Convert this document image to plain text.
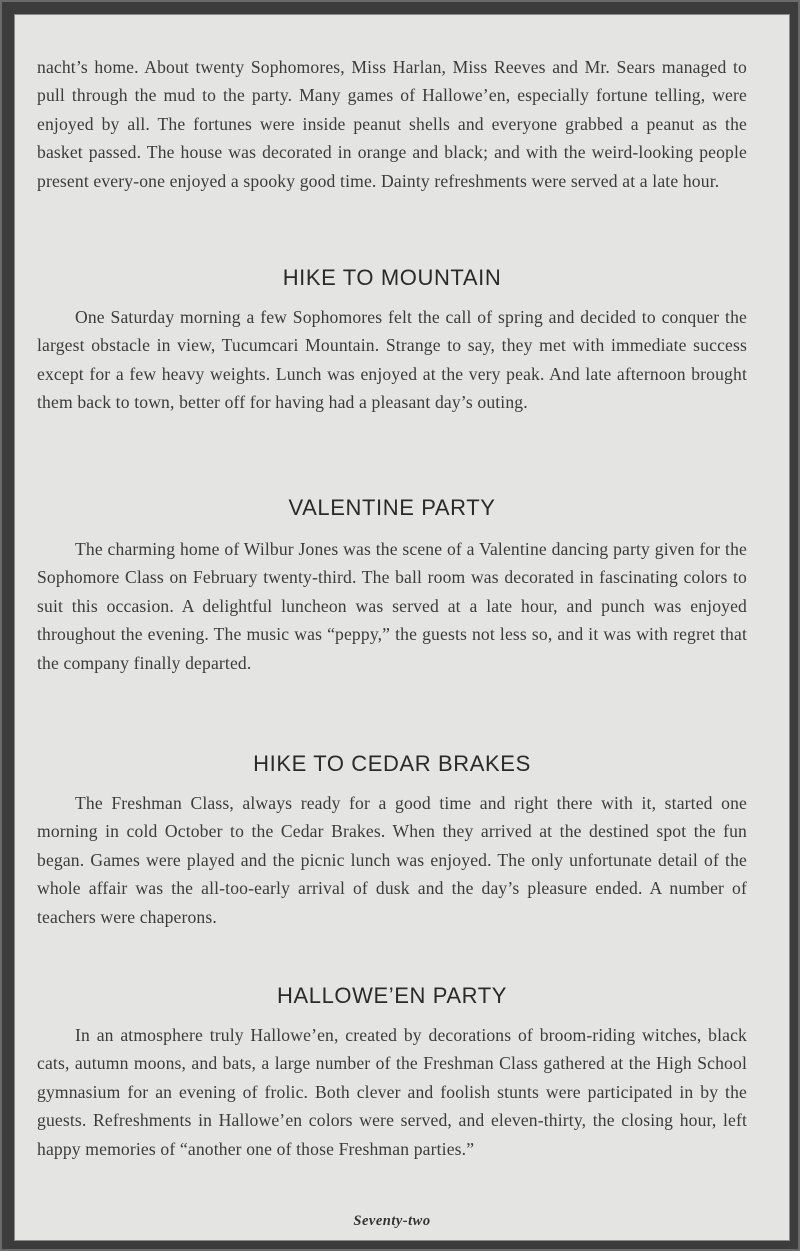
nacht’s home. About twenty Sophomores, Miss Harlan, Miss Reeves and Mr. Sears managed to pull through the mud to the party. Many games of Hallowe’en, especially fortune telling, were enjoyed by all. The fortunes were inside peanut shells and everyone grabbed a peanut as the basket passed. The house was decorated in orange and black; and with the weird-looking people present every-one enjoyed a spooky good time. Dainty refreshments were served at a late hour.

HIKE TO MOUNTAIN

One Saturday morning a few Sophomores felt the call of spring and decided to conquer the largest obstacle in view, Tucumcari Mountain. Strange to say, they met with immediate success except for a few heavy weights. Lunch was enjoyed at the very peak. And late afternoon brought them back to town, better off for having had a pleasant day’s outing.

VALENTINE PARTY

The charming home of Wilbur Jones was the scene of a Valentine dancing party given for the Sophomore Class on February twenty-third. The ball room was decorated in fascinating colors to suit this occasion. A delightful luncheon was served at a late hour, and punch was enjoyed throughout the evening. The music was “peppy,” the guests not less so, and it was with regret that the company finally departed.

HIKE TO CEDAR BRAKES

The Freshman Class, always ready for a good time and right there with it, started one morning in cold October to the Cedar Brakes. When they arrived at the destined spot the fun began. Games were played and the picnic lunch was enjoyed. The only unfortunate detail of the whole affair was the all-too-early arrival of dusk and the day’s pleasure ended. A number of teachers were chaperons.

HALLOWE’EN PARTY

In an atmosphere truly Hallowe’en, created by decorations of broom-riding witches, black cats, autumn moons, and bats, a large number of the Freshman Class gathered at the High School gymnasium for an evening of frolic. Both clever and foolish stunts were participated in by the guests. Refreshments in Hallowe’en colors were served, and eleven-thirty, the closing hour, left happy memories of “another one of those Freshman parties.”

Seventy-two
